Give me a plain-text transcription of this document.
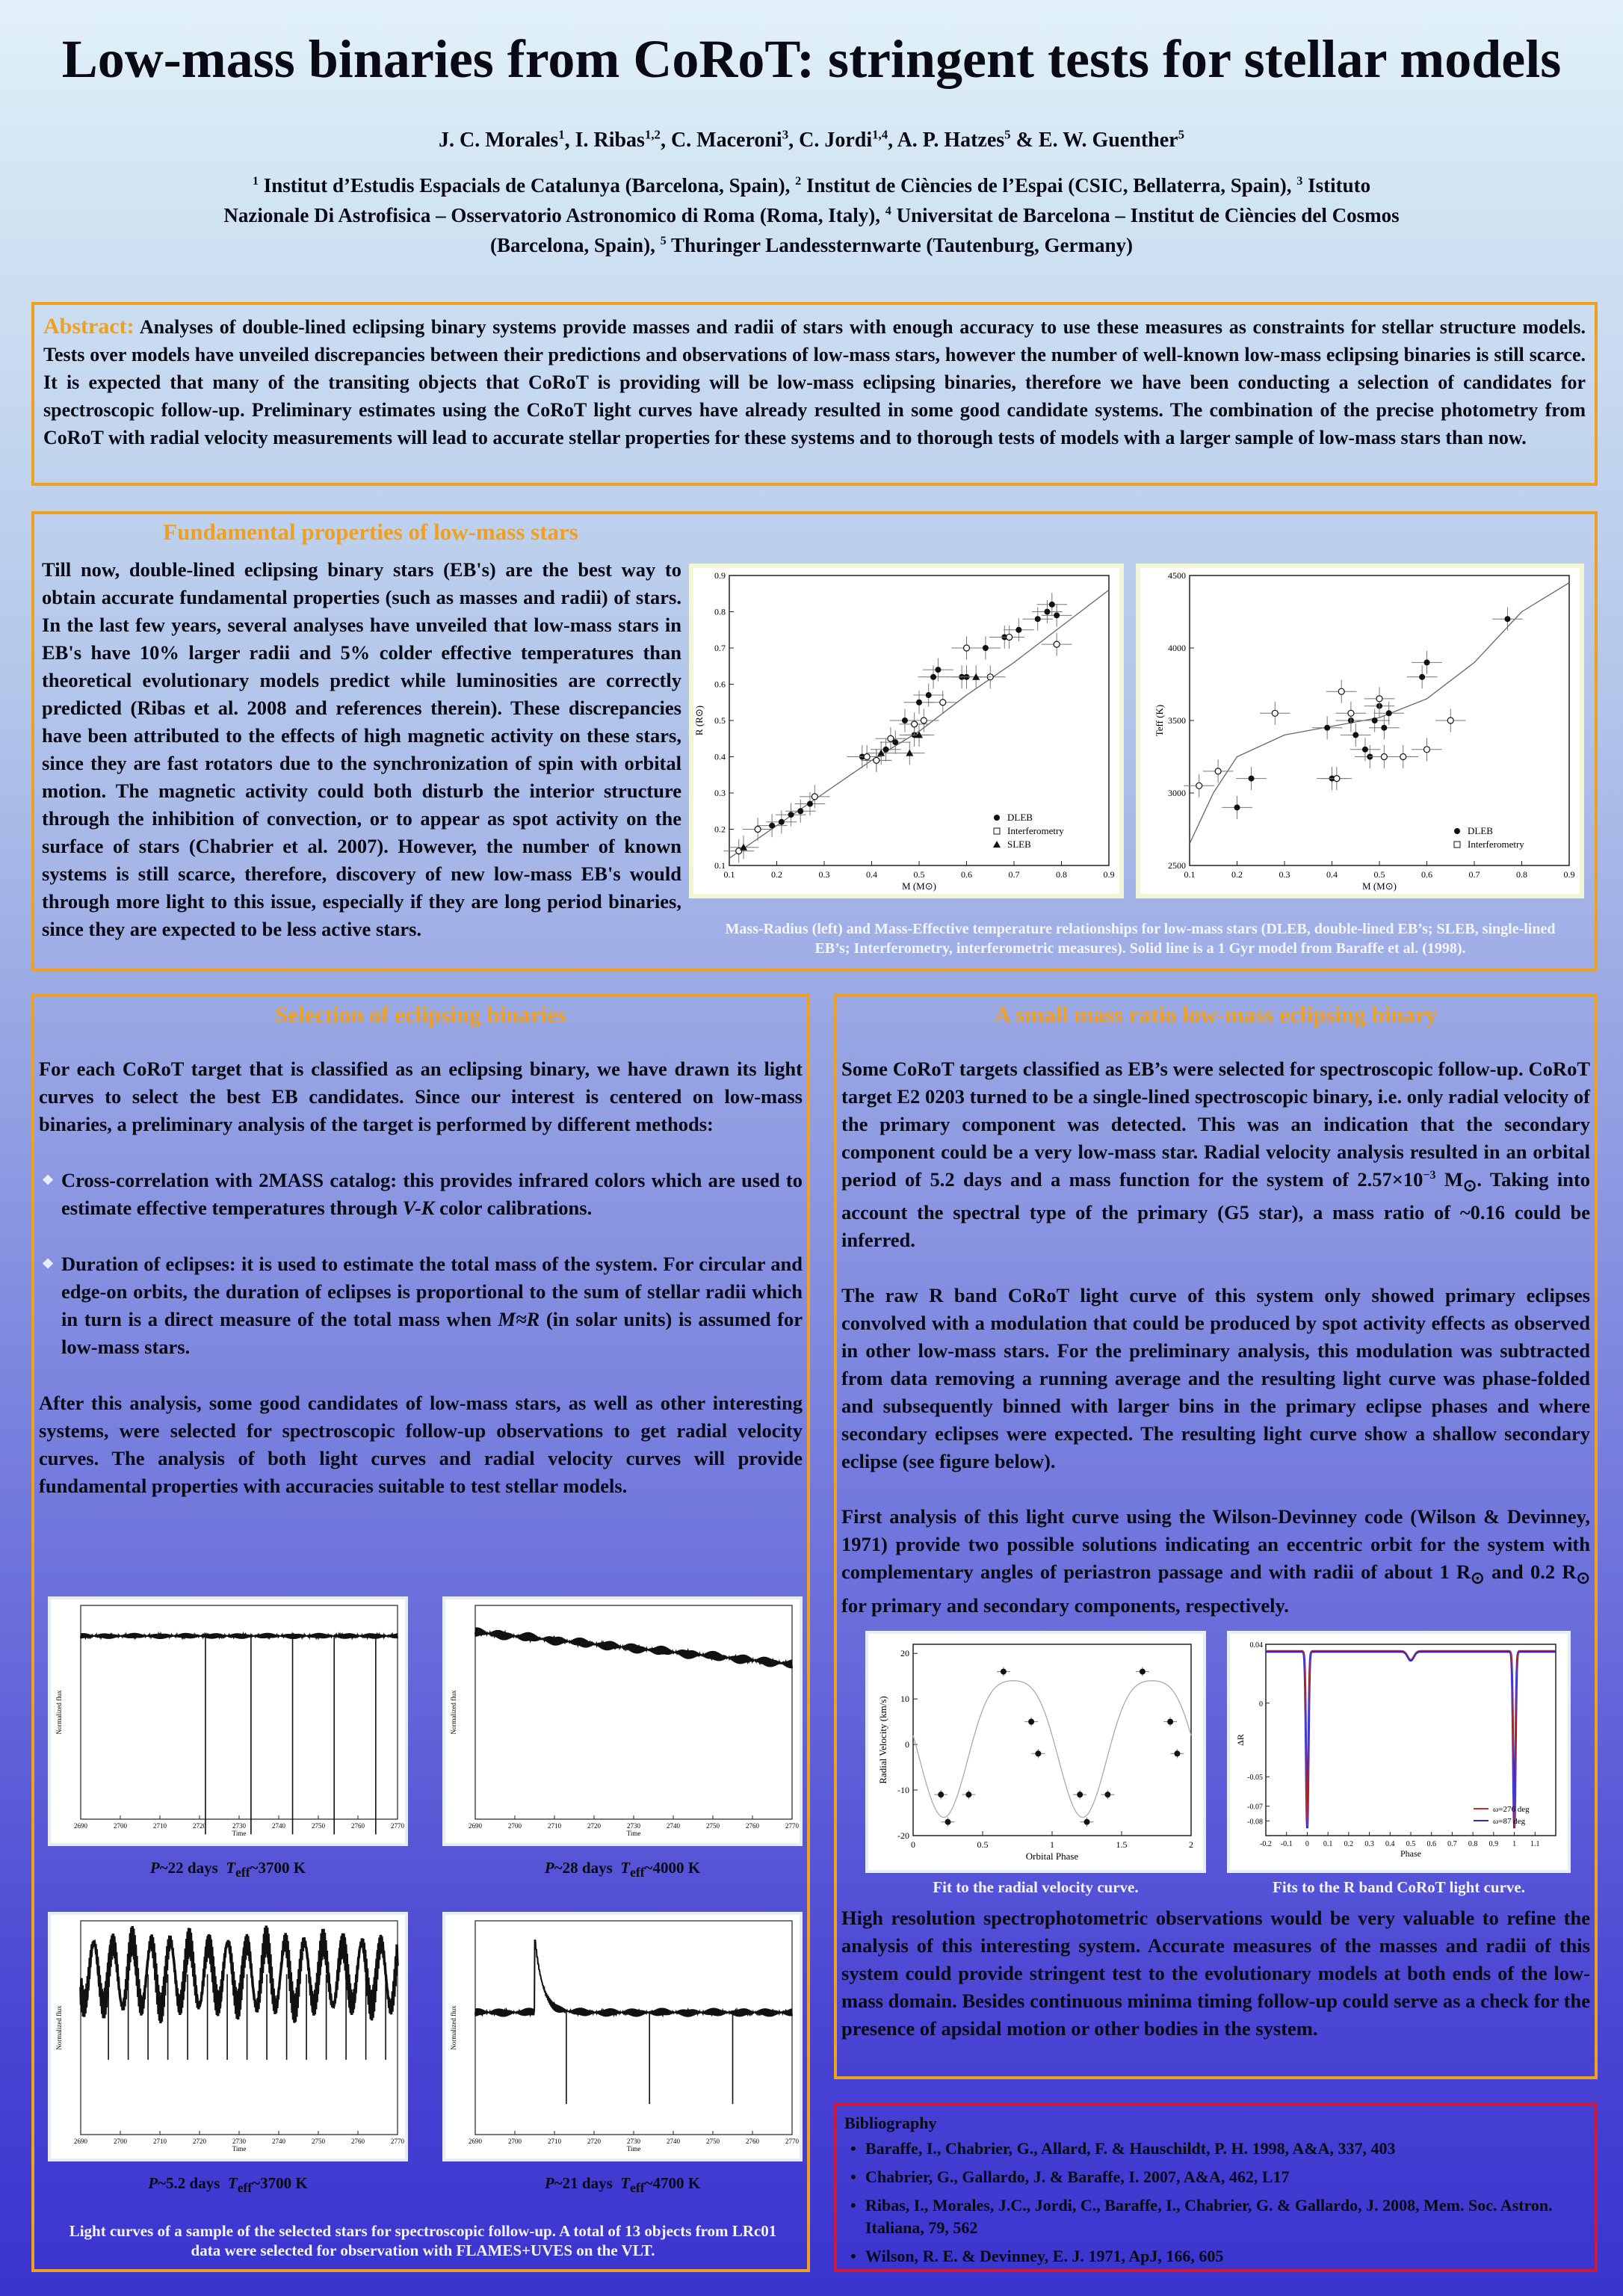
Low-mass binaries from CoRoT: stringent tests for stellar models
J. C. Morales$^1$, I. Ribas$^{1,2}$, C. Maceroni$^3$, C. Jordi$^{1,4}$, A. P. Hatzes$^5$ & E. W. Guenther$^5$
$^1$ Institut d’Estudis Espacials de Catalunya (Barcelona, Spain), $^2$ Institut de Ciències de l’Espai (CSIC, Bellaterra, Spain), $^3$ Istituto Nazionale Di Astrofisica – Osservatorio Astronomico di Roma (Roma, Italy), $^4$ Universitat de Barcelona – Institut de Ciències del Cosmos (Barcelona, Spain), $^5$ Thuringer Landessternwarte (Tautenburg, Germany)
Abstract: Analyses of double-lined eclipsing binary systems provide masses and radii of stars with enough accuracy to use these measures as constraints for stellar structure models. Tests over models have unveiled discrepancies between their predictions and observations of low-mass stars, however the number of well-known low-mass eclipsing binaries is still scarce. It is expected that many of the transiting objects that CoRoT is providing will be low-mass eclipsing binaries, therefore we have been conducting a selection of candidates for spectroscopic follow-up. Preliminary estimates using the CoRoT light curves have already resulted in some good candidate systems. The combination of the precise photometry from CoRoT with radial velocity measurements will lead to accurate stellar properties for these systems and to thorough tests of models with a larger sample of low-mass stars than now.
Fundamental properties of low-mass stars
Till now, double-lined eclipsing binary stars (EB's) are the best way to obtain accurate fundamental properties (such as masses and radii) of stars. In the last few years, several analyses have unveiled that low-mass stars in EB's have 10% larger radii and 5% colder effective temperatures than theoretical evolutionary models predict while luminosities are correctly predicted (Ribas et al. 2008 and references therein). These discrepancies have been attributed to the effects of high magnetic activity on these stars, since they are fast rotators due to the synchronization of spin with orbital motion. The magnetic activity could both disturb the interior structure through the inhibition of convection, or to appear as spot activity on the surface of stars (Chabrier et al. 2007). However, the number of known systems is still scarce, therefore, discovery of new low-mass EB's would through more light to this issue, especially if they are long period binaries, since they are expected to be less active stars.
0.1	0.2	0.3	0.4	0.5	0.6	0.7	0.8	0.9
0.1
0.2
0.3
0.4
0.5
0.6
0.7
0.8
0.9
M (M⊙)
R (R⊙)
DLEB
Interferometry
SLEB
0.1	0.2	0.3	0.4	0.5	0.6	0.7	0.8	0.9
2500
3000
3500
4000
4500
M (M⊙)
Teff (K)
DLEB
Interferometry
Mass-Radius (left) and Mass-Effective temperature relationships for low-mass stars (DLEB, double-lined EB’s; SLEB, single-lined EB’s; Interferometry, interferometric measures). Solid line is a 1 Gyr model from Baraffe et al. (1998).
Selection of eclipsing binaries
For each CoRoT target that is classified as an eclipsing binary, we have drawn its light curves to select the best EB candidates. Since our interest is centered on low-mass binaries, a preliminary analysis of the target is performed by different methods:
❖ Cross-correlation with 2MASS catalog: this provides infrared colors which are used to estimate effective temperatures through V-K color calibrations.
❖ Duration of eclipses: it is used to estimate the total mass of the system. For circular and edge-on orbits, the duration of eclipses is proportional to the sum of stellar radii which in turn is a direct measure of the total mass when M≈R (in solar units) is assumed for low-mass stars.
After this analysis, some good candidates of low-mass stars, as well as other interesting systems, were selected for spectroscopic follow-up observations to get radial velocity curves. The analysis of both light curves and radial velocity curves will provide fundamental properties with accuracies suitable to test stellar models.
2690	2700	2710	2720	2730	2740	2750	2760	2770
Time
Normalized flux
2690	2700	2710	2720	2730	2740	2750	2760	2770
Time
Normalized flux
2690	2700	2710	2720	2730	2740	2750	2760	2770
Time
Normalized flux
2690	2700	2710	2720	2730	2740	2750	2760	2770
Time
Normalized flux
P~22 days $T_{eff}\sim 3700$ K	P~28 days $T_{eff}\sim 4000$ K
P~5.2 days $T_{eff}\sim 3700$ K	P~21 days $T_{eff}\sim 4700$ K
Light curves of a sample of the selected stars for spectroscopic follow-up. A total of 13 objects from LRc01 data were selected for observation with FLAMES+UVES on the VLT.
A small mass ratio low-mass eclipsing binary
Some CoRoT targets classified as EB’s were selected for spectroscopic follow-up. CoRoT target E2 0203 turned to be a single-lined spectroscopic binary, i.e. only radial velocity of the primary component was detected. This was an indication that the secondary component could be a very low-mass star. Radial velocity analysis resulted in an orbital period of 5.2 days and a mass function for the system of $2.57\times 10^{-3}$ $M_⊙$. Taking into account the spectral type of the primary (G5 star), a mass ratio of ~0.16 could be inferred.
The raw R band CoRoT light curve of this system only showed primary eclipses convolved with a modulation that could be produced by spot activity effects as observed in other low-mass stars. For the preliminary analysis, this modulation was subtracted from data removing a running average and the resulting light curve was phase-folded and subsequently binned with larger bins in the primary eclipse phases and where secondary eclipses were expected. The resulting light curve show a shallow secondary eclipse (see figure below).
First analysis of this light curve using the Wilson-Devinney code (Wilson & Devinney, 1971) provide two possible solutions indicating an eccentric orbit for the system with complementary angles of periastron passage and with radii of about 1 $R_⊙$ and 0.2 $R_⊙$ for primary and secondary components, respectively.
0	0.5	1	1.5	2
-20
-10
0
10
20
Orbital Phase
Radial Velocity (km/s)
-0.2 -0.1 0 0.1 0.2 0.3 0.4 0.5 0.6 0.7 0.8 0.9 1 1.1
0.04
0
-0.05
-0.07
-0.08
Phase
ΔR
ω=276 deg
ω=87 deg
Fit to the radial velocity curve.	Fits to the R band CoRoT light curve.
High resolution spectrophotometric observations would be very valuable to refine the analysis of this interesting system. Accurate measures of the masses and radii of this system could provide stringent test to the evolutionary models at both ends of the low-mass domain. Besides continuous minima timing follow-up could serve as a check for the presence of apsidal motion or other bodies in the system.
Bibliography
• Baraffe, I., Chabrier, G., Allard, F. & Hauschildt, P. H. 1998, A&A, 337, 403
• Chabrier, G., Gallardo, J. & Baraffe, I. 2007, A&A, 462, L17
• Ribas, I., Morales, J.C., Jordi, C., Baraffe, I., Chabrier, G. & Gallardo, J. 2008, Mem. Soc. Astron. Italiana, 79, 562
• Wilson, R. E. & Devinney, E. J. 1971, ApJ, 166, 605
